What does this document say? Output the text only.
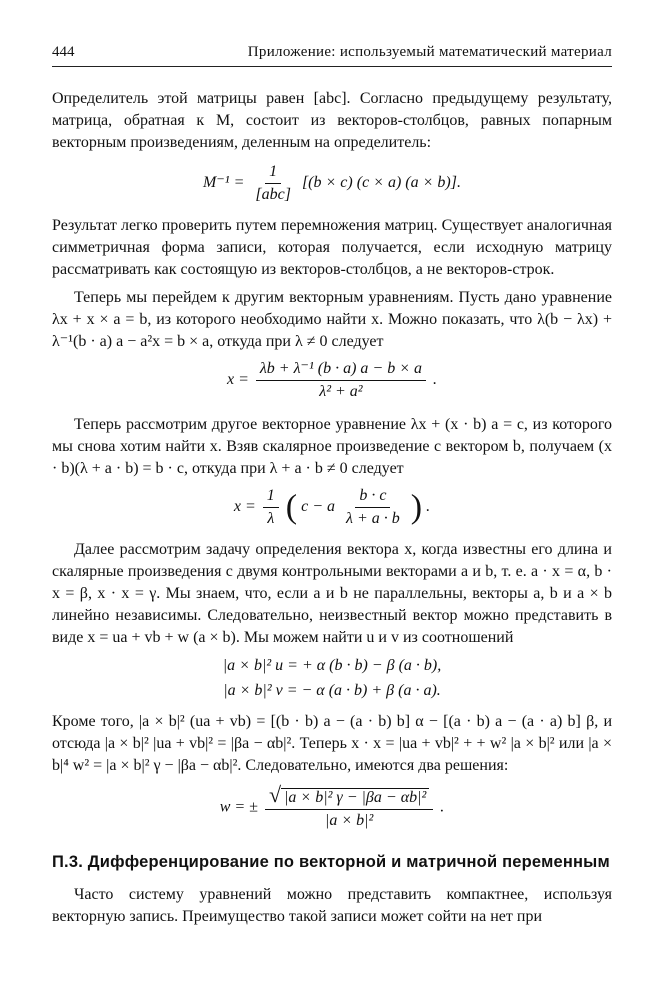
444	Приложение: используемый математический материал

Определитель этой матрицы равен [abc]. Согласно предыдущему результату, матрица, обратная к M, состоит из векторов-столбцов, равных попарным векторным произведениям, деленным на определитель:

$M^{-1} = \frac{1}{\text{[abc]}} [(b \times c) (c \times a) (a \times b)]$.

Результат легко проверить путем перемножения матриц. Существует аналогичная симметричная форма записи, которая получается, если исходную матрицу рассматривать как состоящую из векторов-столбцов, а не векторов-строк.

Теперь мы перейдем к другим векторным уравнениям. Пусть дано уравнение λx + x × a = b, из которого необходимо найти x. Можно показать, что λ(b − λx) + λ⁻¹(b · a) a − a²x = b × a, откуда при λ ≠ 0 следует

$x = \frac{\text{λb + λ⁻¹ (b · a) a − b × a}}{\text{λ² + a²}}$ .

Теперь рассмотрим другое векторное уравнение λx + (x · b) a = c, из которого мы снова хотим найти x. Взяв скалярное произведение с вектором b, получаем (x · b)(λ + a · b) = b · c, откуда при λ + a · b ≠ 0 следует

$x = \frac{1}{\lambda}$ ( c − a $\frac{b \cdot c}{\lambda + a \cdot b}$ ) .

Далее рассмотрим задачу определения вектора x, когда известны его длина и скалярные произведения с двумя контрольными векторами a и b, т. е. a · x = α, b · x = β, x · x = γ. Мы знаем, что, если a и b не параллельны, векторы a, b и a × b линейно независимы. Следовательно, неизвестный вектор можно представить в виде x = ua + vb + w (a × b). Мы можем найти u и v из соотношений

|a × b|² u = + α (b · b) − β (a · b),
|a × b|² v = − α (a · b) + β (a · a).

Кроме того, |a × b|² (ua + vb) = [(b · b) a − (a · b) b] α − [(a · b) a − (a · a) b] β, и отсюда |a × b|² |ua + vb|² = |βa − αb|². Теперь x · x = |ua + vb|² + + w² |a × b|² или |a × b|⁴ w² = |a × b|² γ − |βa − αb|². Следовательно, имеются два решения:

w = ± $\frac{\text{√ |a × b|² γ − |βa − αb|²}}{\text{|a × b|²}}$ .
П.3. Дифференцирование по векторной и матричной переменным

Часто систему уравнений можно представить компактнее, используя векторную запись. Преимущество такой записи может сойти на нет при
